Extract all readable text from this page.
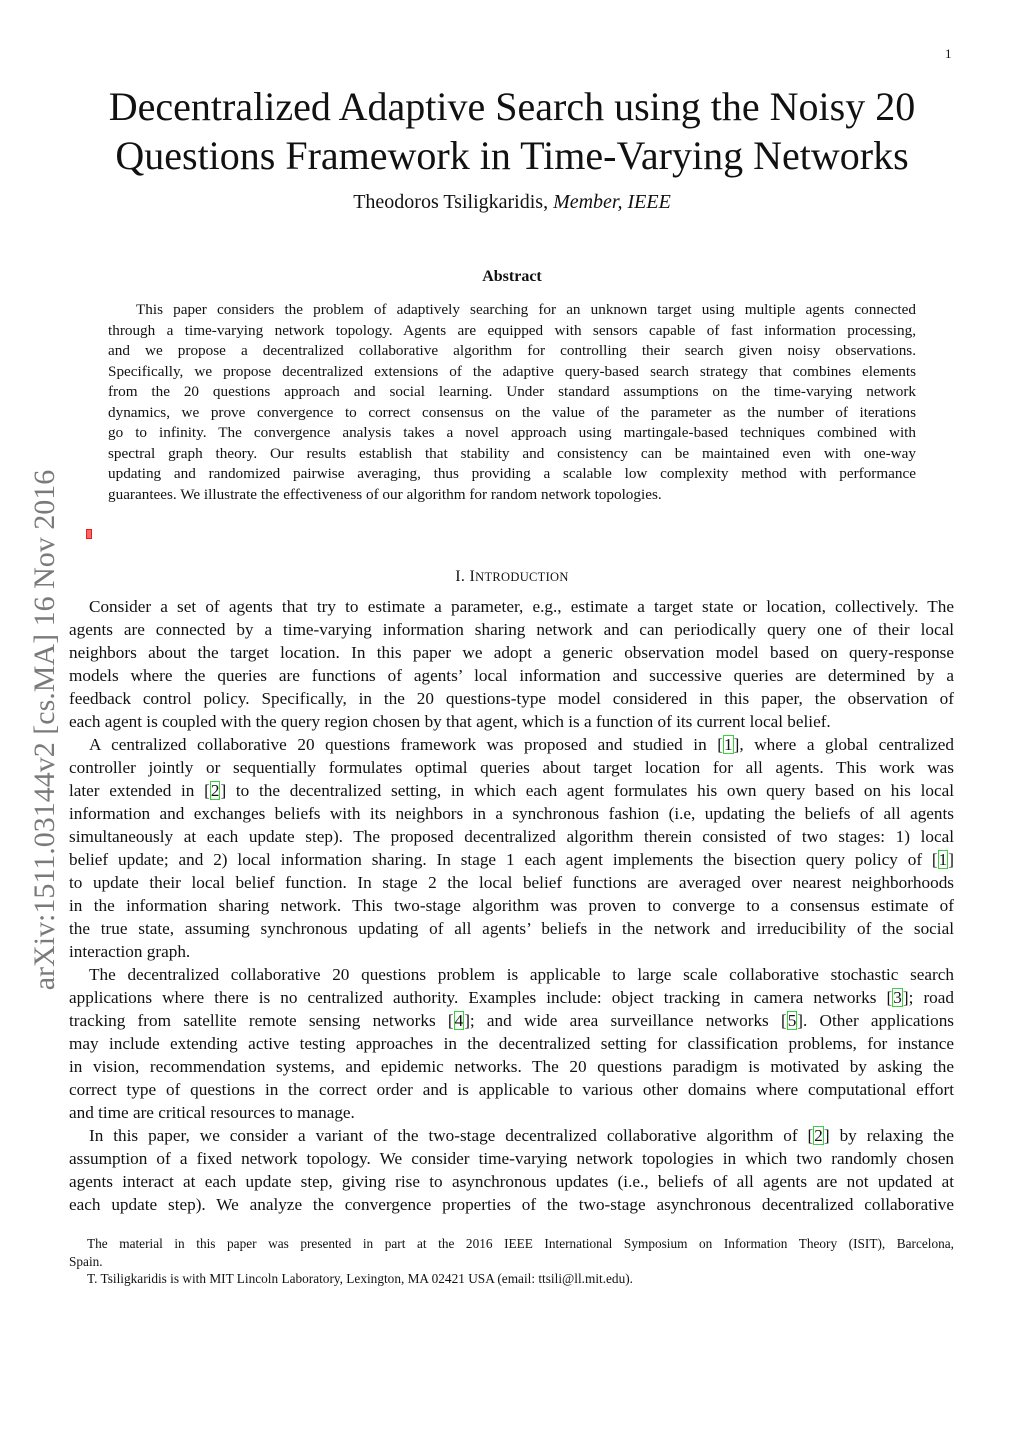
1
arXiv:1511.03144v2 [cs.MA] 16 Nov 2016
Decentralized Adaptive Search using the Noisy 20
Questions Framework in Time-Varying Networks
Theodoros Tsiligkaridis, Member, IEEE
Abstract
This paper considers the problem of adaptively searching for an unknown target using multiple agents connected
through a time-varying network topology. Agents are equipped with sensors capable of fast information processing,
and we propose a decentralized collaborative algorithm for controlling their search given noisy observations.
Specifically, we propose decentralized extensions of the adaptive query-based search strategy that combines elements
from the 20 questions approach and social learning. Under standard assumptions on the time-varying network
dynamics, we prove convergence to correct consensus on the value of the parameter as the number of iterations
go to infinity. The convergence analysis takes a novel approach using martingale-based techniques combined with
spectral graph theory. Our results establish that stability and consistency can be maintained even with one-way
updating and randomized pairwise averaging, thus providing a scalable low complexity method with performance
guarantees. We illustrate the effectiveness of our algorithm for random network topologies.
I. INTRODUCTION
Consider a set of agents that try to estimate a parameter, e.g., estimate a target state or location, collectively. The
agents are connected by a time-varying information sharing network and can periodically query one of their local
neighbors about the target location. In this paper we adopt a generic observation model based on query-response
models where the queries are functions of agents’ local information and successive queries are determined by a
feedback control policy. Specifically, in the 20 questions-type model considered in this paper, the observation of
each agent is coupled with the query region chosen by that agent, which is a function of its current local belief.
A centralized collaborative 20 questions framework was proposed and studied in [1], where a global centralized
controller jointly or sequentially formulates optimal queries about target location for all agents. This work was
later extended in [2] to the decentralized setting, in which each agent formulates his own query based on his local
information and exchanges beliefs with its neighbors in a synchronous fashion (i.e, updating the beliefs of all agents
simultaneously at each update step). The proposed decentralized algorithm therein consisted of two stages: 1) local
belief update; and 2) local information sharing. In stage 1 each agent implements the bisection query policy of [1]
to update their local belief function. In stage 2 the local belief functions are averaged over nearest neighborhoods
in the information sharing network. This two-stage algorithm was proven to converge to a consensus estimate of
the true state, assuming synchronous updating of all agents’ beliefs in the network and irreducibility of the social
interaction graph.
The decentralized collaborative 20 questions problem is applicable to large scale collaborative stochastic search
applications where there is no centralized authority. Examples include: object tracking in camera networks [3]; road
tracking from satellite remote sensing networks [4]; and wide area surveillance networks [5]. Other applications
may include extending active testing approaches in the decentralized setting for classification problems, for instance
in vision, recommendation systems, and epidemic networks. The 20 questions paradigm is motivated by asking the
correct type of questions in the correct order and is applicable to various other domains where computational effort
and time are critical resources to manage.
In this paper, we consider a variant of the two-stage decentralized collaborative algorithm of [2] by relaxing the
assumption of a fixed network topology. We consider time-varying network topologies in which two randomly chosen
agents interact at each update step, giving rise to asynchronous updates (i.e., beliefs of all agents are not updated at
each update step). We analyze the convergence properties of the two-stage asynchronous decentralized collaborative
The material in this paper was presented in part at the 2016 IEEE International Symposium on Information Theory (ISIT), Barcelona,
Spain.
T. Tsiligkaridis is with MIT Lincoln Laboratory, Lexington, MA 02421 USA (email: ttsili@ll.mit.edu).
